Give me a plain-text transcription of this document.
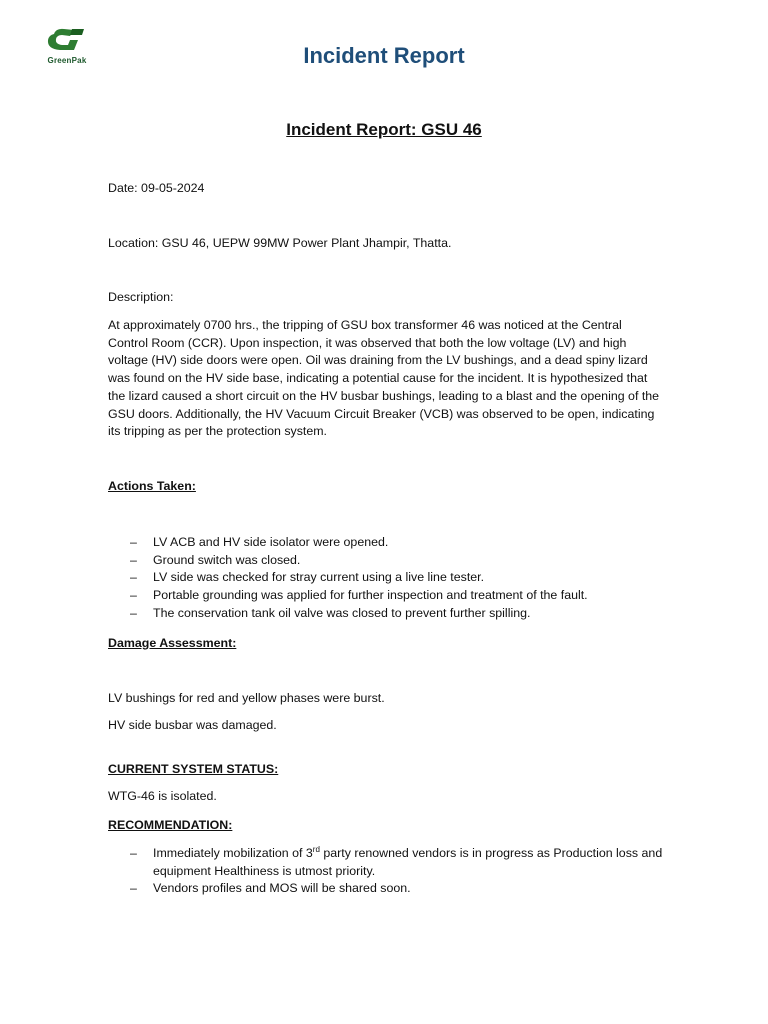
GreenPak	Incident Report
Incident Report: GSU 46
Date: 09-05-2024
Location: GSU 46, UEPW 99MW Power Plant Jhampir, Thatta.
Description:
At approximately 0700 hrs., the tripping of GSU box transformer 46 was noticed at the Central Control Room (CCR). Upon inspection, it was observed that both the low voltage (LV) and high voltage (HV) side doors were open. Oil was draining from the LV bushings, and a dead spiny lizard was found on the HV side base, indicating a potential cause for the incident. It is hypothesized that the lizard caused a short circuit on the HV busbar bushings, leading to a blast and the opening of the GSU doors. Additionally, the HV Vacuum Circuit Breaker (VCB) was observed to be open, indicating its tripping as per the protection system.
Actions Taken:
– LV ACB and HV side isolator were opened.
– Ground switch was closed.
– LV side was checked for stray current using a live line tester.
– Portable grounding was applied for further inspection and treatment of the fault.
– The conservation tank oil valve was closed to prevent further spilling.
Damage Assessment:
LV bushings for red and yellow phases were burst.
HV side busbar was damaged.
CURRENT SYSTEM STATUS:
WTG-46 is isolated.
RECOMMENDATION:
– Immediately mobilization of 3rd party renowned vendors is in progress as Production loss and equipment Healthiness is utmost priority.
– Vendors profiles and MOS will be shared soon.
